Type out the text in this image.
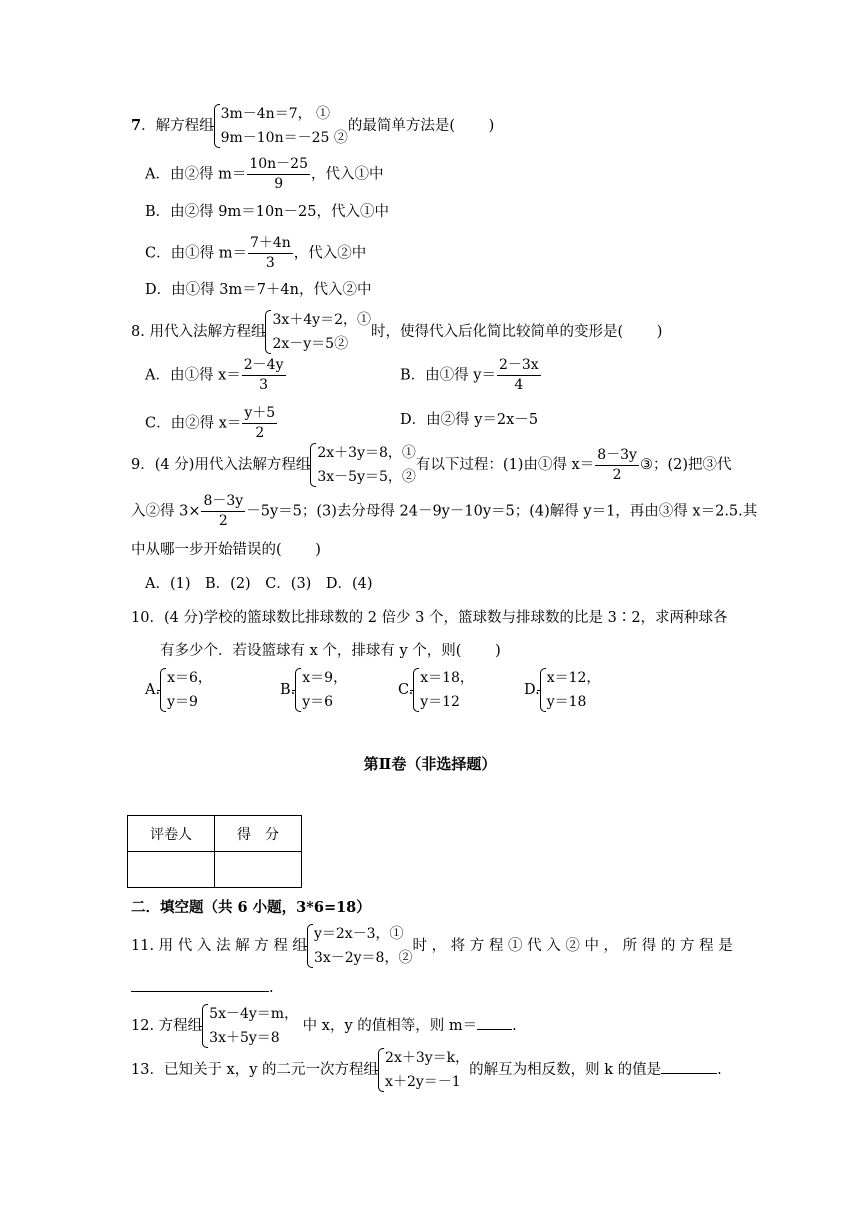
7．解方程组
3m－4n＝7， ①
9m－10n＝－25 ②
的最简单方法是(　　 )
A．由②得 $m= \frac{10n-25}{9}$ ，代入①中
B．由②得 9m＝10n－25，代入①中
C．由①得 $m= \frac{7+4n}{3}$ ，代入②中
D．由①得 3m＝7＋4n，代入②中
8. 用代入法解方程组
3x＋4y＝2，①
2x－y＝5②
时，使得代入后化简比较简单的变形是(　　 )
A．由①得 $x= \frac{2-4y}{3}$	B．由①得 $y= \frac{2-3x}{4}$
C．由②得 $x= \frac{y+5}{2}$	D．由②得 y＝2x－5
9．(4 分)用代入法解方程组
2x＋3y＝8，①
3x－5y＝5，②
有以下过程：(1)由①得 $x= \frac{8-3y}{2}$ ③；(2)把③代
入②得 $3\times \frac{8-3y}{2} -5y=5$；(3)去分母得 24－9y－10y＝5；(4)解得 y＝1，再由③得 x＝2.5.其
中从哪一步开始错误的(　　 )
A．(1)　B．(2)　C．(3)　D．(4)
10．(4 分)学校的篮球数比排球数的 2 倍少 3 个，篮球数与排球数的比是 3∶2，求两种球各
有多少个．若设篮球有 x 个，排球有 y 个，则(　　 )
A.
x＝6，
y＝9
B.
x＝9，
y＝6
C.
x＝18，
y＝12
D.
x＝12，
y＝18
第Ⅱ卷（非选择题）
评卷人	得　分

二．填空题（共 6 小题，3*6=18）
11. 用 代 入 法 解 方 程 组
y＝2x－3，①
3x－2y＝8，②
时 ， 将 方 程 ① 代 入 ② 中 ， 所 得 的 方 程 是
.
12. 方程组
5x－4y＝m，
3x＋5y＝8
中 x，y 的值相等，则 m＝ .
13．已知关于 x，y 的二元一次方程组
2x＋3y＝k，
x＋2y＝－1
的解互为相反数，则 k 的值是	.
